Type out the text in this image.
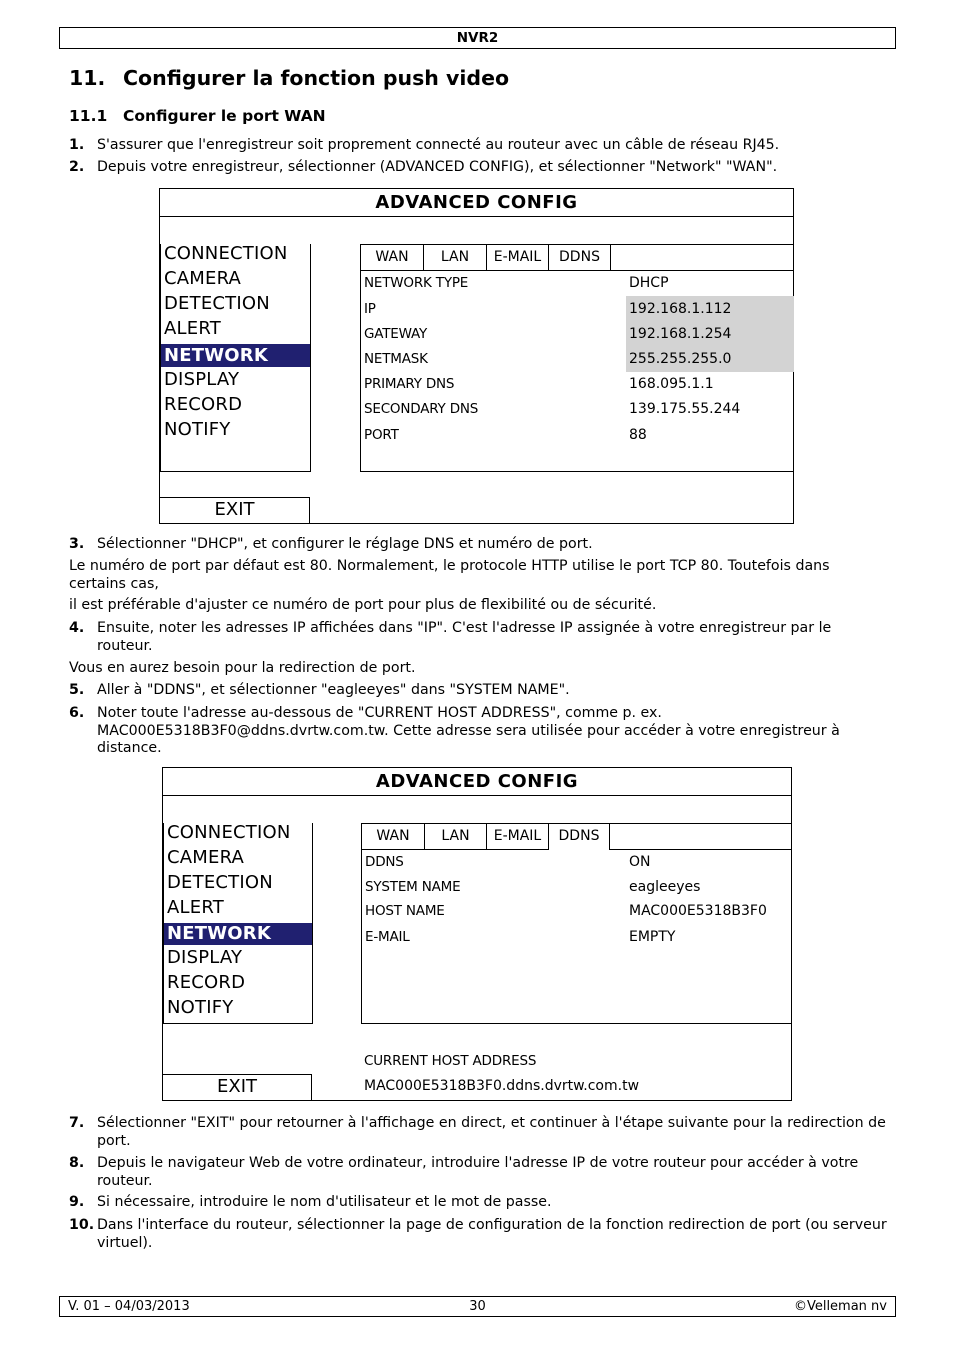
NVR2
11. Configurer la fonction push video
11.1 Configurer le port WAN
1. S'assurer que l'enregistreur soit proprement connecté au routeur avec un câble de réseau RJ45.
2. Depuis votre enregistreur, sélectionner (ADVANCED CONFIG), et sélectionner "Network" "WAN".
ADVANCED CONFIG
CONNECTION
CAMERA
DETECTION
ALERT
NETWORK
DISPLAY
RECORD
NOTIFY
WAN	LAN	E-MAIL	DDNS
NETWORK TYPE	DHCP
IP	192.168.1.112
GATEWAY	192.168.1.254
NETMASK	255.255.255.0
PRIMARY DNS	168.095.1.1
SECONDARY DNS	139.175.55.244
PORT	88
EXIT
3. Sélectionner "DHCP", et configurer le réglage DNS et numéro de port.
Le numéro de port par défaut est 80. Normalement, le protocole HTTP utilise le port TCP 80. Toutefois dans certains cas,
il est préférable d'ajuster ce numéro de port pour plus de flexibilité ou de sécurité.
4. Ensuite, noter les adresses IP affichées dans "IP". C'est l'adresse IP assignée à votre enregistreur par le routeur.
Vous en aurez besoin pour la redirection de port.
5. Aller à "DDNS", et sélectionner "eagleeyes" dans "SYSTEM NAME".
6. Noter toute l'adresse au-dessous de "CURRENT HOST ADDRESS", comme p. ex. MAC000E5318B3F0@ddns.dvrtw.com.tw. Cette adresse sera utilisée pour accéder à votre enregistreur à distance.
ADVANCED CONFIG
CONNECTION
CAMERA
DETECTION
ALERT
NETWORK
DISPLAY
RECORD
NOTIFY
WAN	LAN	E-MAIL	DDNS
DDNS	ON
SYSTEM NAME	eagleeyes
HOST NAME	MAC000E5318B3F0
E-MAIL	EMPTY
CURRENT HOST ADDRESS
MAC000E5318B3F0.ddns.dvrtw.com.tw
EXIT
7. Sélectionner "EXIT" pour retourner à l'affichage en direct, et continuer à l'étape suivante pour la redirection de port.
8. Depuis le navigateur Web de votre ordinateur, introduire l'adresse IP de votre routeur pour accéder à votre routeur.
9. Si nécessaire, introduire le nom d'utilisateur et le mot de passe.
10. Dans l'interface du routeur, sélectionner la page de configuration de la fonction redirection de port (ou serveur virtuel).
V. 01 – 04/03/2013	30	©Velleman nv
